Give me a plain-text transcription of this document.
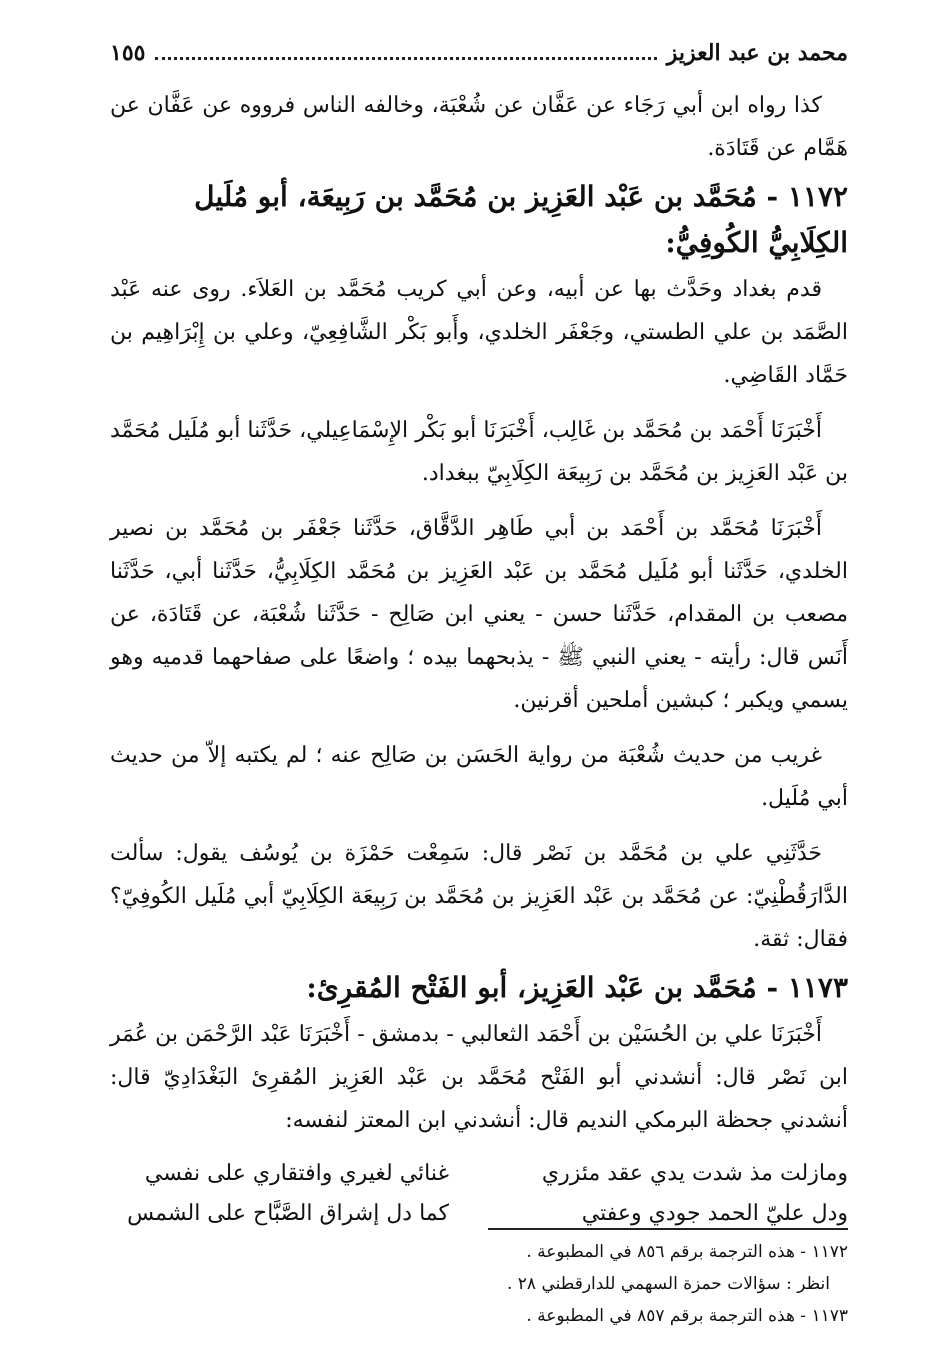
محمد بن عبد العزيز
١٥٥

كذا رواه ابن أبي رَجَاء عن عَفَّان عن شُعْبَة، وخالفه الناس فرووه عن عَفَّان عن هَمَّام عن قَتَادَة.

١١٧٢ - مُحَمَّد بن عَبْد العَزِيز بن مُحَمَّد بن رَبِيعَة، أبو مُلَيل الكِلَابِيُّ الكُوفِيُّ:

قدم بغداد وحَدَّث بها عن أبيه، وعن أبي كريب مُحَمَّد بن العَلاَء. روى عنه عَبْد الصَّمَد بن علي الطستي، وجَعْفَر الخلدي، وأَبو بَكْر الشَّافِعِيّ، وعلي بن إِبْرَاهِيم بن حَمَّاد القَاضِي.

أَخْبَرَنَا أَحْمَد بن مُحَمَّد بن غَالِب، أَخْبَرَنَا أبو بَكْر الإِسْمَاعِيلي، حَدَّثَنا أبو مُلَيل مُحَمَّد بن عَبْد العَزِيز بن مُحَمَّد بن رَبِيعَة الكِلَابِيّ ببغداد.

أَخْبَرَنَا مُحَمَّد بن أَحْمَد بن أبي طَاهِر الدَّقَّاق، حَدَّثَنا جَعْفَر بن مُحَمَّد بن نصير الخلدي، حَدَّثَنا أبو مُلَيل مُحَمَّد بن عَبْد العَزِيز بن مُحَمَّد الكِلَابِيُّ، حَدَّثَنا أبي، حَدَّثَنا مصعب بن المقدام، حَدَّثَنا حسن - يعني ابن صَالِح - حَدَّثَنا شُعْبَة، عن قَتَادَة، عن أَنَس قال: رأيته - يعني النبي ﷺ - يذبحهما بيده ؛ واضعًا على صفاحهما قدميه وهو يسمي ويكبر ؛ كبشين أملحين أقرنين.

غريب من حديث شُعْبَة من رواية الحَسَن بن صَالِح عنه ؛ لم يكتبه إلاّ من حديث أبي مُلَيل.

حَدَّثَنِي علي بن مُحَمَّد بن نَصْر قال: سَمِعْت حَمْزَة بن يُوسُف يقول: سألت الدَّارَقُطْنِيّ: عن مُحَمَّد بن عَبْد العَزِيز بن مُحَمَّد بن رَبِيعَة الكِلَابِيّ أبي مُلَيل الكُوفِيّ؟ فقال: ثقة.

١١٧٣ - مُحَمَّد بن عَبْد العَزِيز، أبو الفَتْح المُقرِئ:

أَخْبَرَنَا علي بن الحُسَيْن بن أَحْمَد الثعالبي - بدمشق - أَخْبَرَنَا عَبْد الرَّحْمَن بن عُمَر ابن نَصْر قال: أنشدني أبو الفَتْح مُحَمَّد بن عَبْد العَزِيز المُقرِئ البَغْدَادِيّ قال: أنشدني جحظة البرمكي النديم قال: أنشدني ابن المعتز لنفسه:

ومازلت مذ شدت يدي عقد مئزري
غنائي لغيري وافتقاري على نفسي
ودل عليّ الحمد جودي وعفتي
كما دل إشراق الصَّبَّاح على الشمس

١١٧٢ - هذه الترجمة برقم ٨٥٦ في المطبوعة .

انظر : سؤالات حمزة السهمي للدارقطني ٢٨ .

١١٧٣ - هذه الترجمة برقم ٨٥٧ في المطبوعة .
